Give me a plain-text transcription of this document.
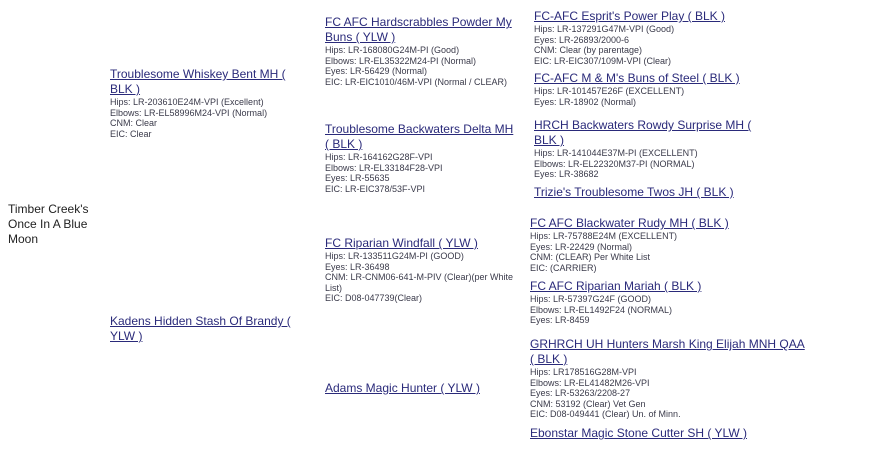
Timber Creek's Once In A Blue Moon
Troublesome Whiskey Bent MH ( BLK )
Hips: LR-203610E24M-VPI (Excellent)
Elbows: LR-EL58996M24-VPI (Normal)
CNM: Clear
EIC: Clear
Kadens Hidden Stash Of Brandy ( YLW )
FC AFC Hardscrabbles Powder My Buns ( YLW )
Hips: LR-168080G24M-PI (Good)
Elbows: LR-EL35322M24-PI (Normal)
Eyes: LR-56429 (Normal)
EIC: LR-EIC1010/46M-VPI (Normal / CLEAR)
Troublesome Backwaters Delta MH ( BLK )
Hips: LR-164162G28F-VPI
Elbows: LR-EL33184F28-VPI
Eyes: LR-55635
EIC: LR-EIC378/53F-VPI
FC Riparian Windfall ( YLW )
Hips: LR-133511G24M-PI (GOOD)
Eyes: LR-36498
CNM: LR-CNM06-641-M-PIV (Clear)(per White List)
EIC: D08-047739(Clear)
Adams Magic Hunter ( YLW )
FC-AFC Esprit's Power Play ( BLK )
Hips: LR-137291G47M-VPI (Good)
Eyes: LR-26893/2000-6
CNM: Clear (by parentage)
EIC: LR-EIC307/109M-VPI (Clear)
FC-AFC M & M's Buns of Steel ( BLK )
Hips: LR-101457E26F (EXCELLENT)
Eyes: LR-18902 (Normal)
HRCH Backwaters Rowdy Surprise MH ( BLK )
Hips: LR-141044E37M-PI (EXCELLENT)
Elbows: LR-EL22320M37-PI (NORMAL)
Eyes: LR-38682
Trizie's Troublesome Twos JH ( BLK )
FC AFC Blackwater Rudy MH ( BLK )
Hips: LR-75788E24M (EXCELLENT)
Eyes: LR-22429 (Normal)
CNM: (CLEAR) Per White List
EIC: (CARRIER)
FC AFC Riparian Mariah ( BLK )
Hips: LR-57397G24F (GOOD)
Elbows: LR-EL1492F24 (NORMAL)
Eyes: LR-8459
GRHRCH UH Hunters Marsh King Elijah MNH QAA ( BLK )
Hips: LR178516G28M-VPI
Elbows: LR-EL41482M26-VPI
Eyes: LR-53263/2208-27
CNM: 53192 (Clear) Vet Gen
EIC: D08-049441 (Clear) Un. of Minn.
Ebonstar Magic Stone Cutter SH ( YLW )
